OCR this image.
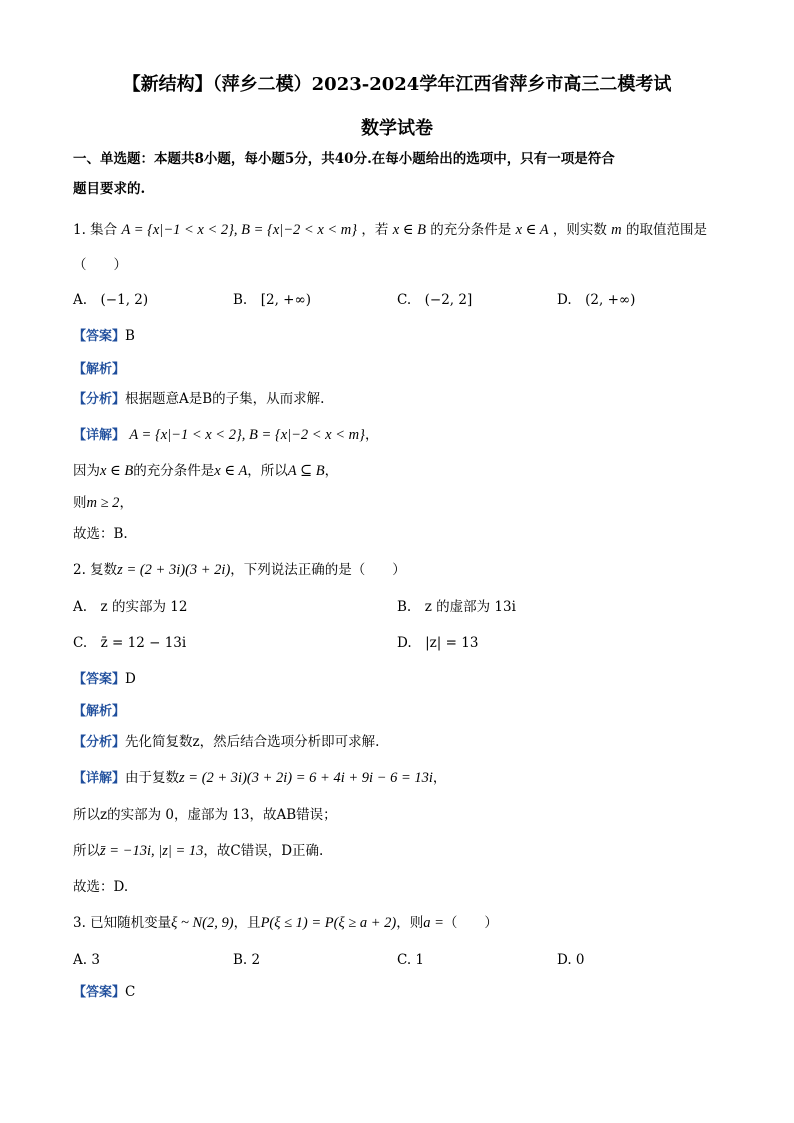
【新结构】（萍乡二模）2023-2024学年江西省萍乡市高三二模考试
数学试卷
一、单选题：本题共8小题，每小题5分，共40分.在每小题给出的选项中，只有一项是符合
题目要求的.
1. 集合 A = {x|−1 < x < 2}, B = {x|−2 < x < m} ，若 x ∈ B 的充分条件是 x ∈ A ，则实数 m 的取值范围是
（　　）
A.　(−1, 2)	B.　[2, +∞)	C.　(−2, 2]	D.　(2, +∞)
【答案】B
【解析】
【分析】根据题意A是B的子集，从而求解.
【详解】 A = {x|−1 < x < 2}, B = {x|−2 < x < m}，
因为x ∈ B的充分条件是x ∈ A，所以A ⊆ B，
则m ≥ 2，
故选：B.
2. 复数z = (2 + 3i)(3 + 2i)，下列说法正确的是（　　）
A.　z 的实部为 12	B.　z 的虚部为 13i
C.　z̄ = 12 − 13i	D.　|z| = 13
【答案】D
【解析】
【分析】先化简复数z，然后结合选项分析即可求解.
【详解】由于复数z = (2 + 3i)(3 + 2i) = 6 + 4i + 9i − 6 = 13i，
所以z的实部为 0，虚部为 13，故AB错误；
所以z̄ = −13i, |z| = 13，故C错误，D正确.
故选：D.
3. 已知随机变量ξ ~ N(2, 9)，且P(ξ ≤ 1) = P(ξ ≥ a + 2)，则a =（　　）
A. 3	B. 2	C. 1	D. 0
【答案】C
